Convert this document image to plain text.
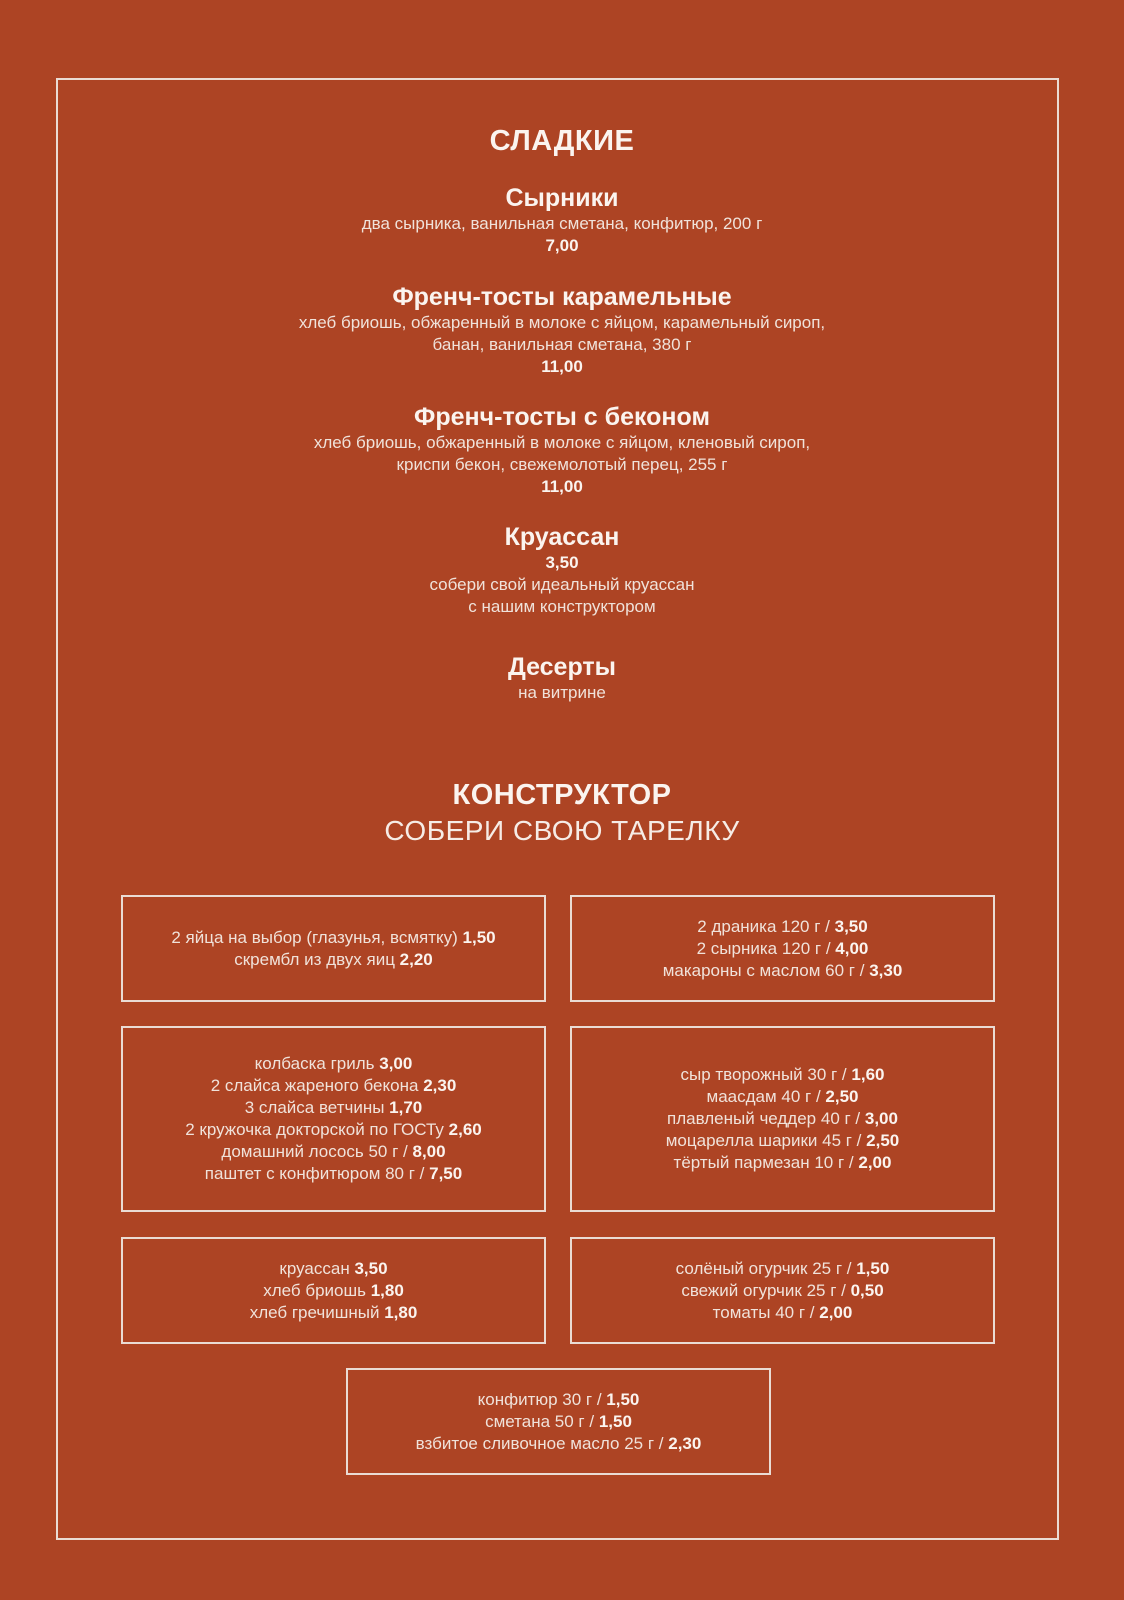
СЛАДКИЕ
Сырники
два сырника, ванильная сметана, конфитюр, 200 г
7,00
Френч-тосты карамельные
хлеб бриошь, обжаренный в молоке с яйцом, карамельный сироп,
банан, ванильная сметана, 380 г
11,00
Френч-тосты с беконом
хлеб бриошь, обжаренный в молоке с яйцом, кленовый сироп,
криспи бекон, свежемолотый перец, 255 г
11,00
Круассан
3,50
собери свой идеальный круассан
с нашим конструктором
Десерты
на витрине
КОНСТРУКТОР
СОБЕРИ СВОЮ ТАРЕЛКУ
2 яйца на выбор (глазунья, всмятку) 1,50
скрембл из двух яиц 2,20
2 драника 120 г / 3,50
2 сырника 120 г / 4,00
макароны с маслом 60 г / 3,30
колбаска гриль 3,00
2 слайса жареного бекона 2,30
3 слайса ветчины 1,70
2 кружочка докторской по ГОСТу 2,60
домашний лосось 50 г / 8,00
паштет с конфитюром 80 г / 7,50
сыр творожный 30 г / 1,60
маасдам 40 г / 2,50
плавленый чеддер 40 г / 3,00
моцарелла шарики 45 г / 2,50
тёртый пармезан 10 г / 2,00
круассан 3,50
хлеб бриошь 1,80
хлеб гречишный 1,80
солёный огурчик 25 г / 1,50
свежий огурчик 25 г / 0,50
томаты 40 г / 2,00
конфитюр 30 г / 1,50
сметана 50 г / 1,50
взбитое сливочное масло 25 г / 2,30
